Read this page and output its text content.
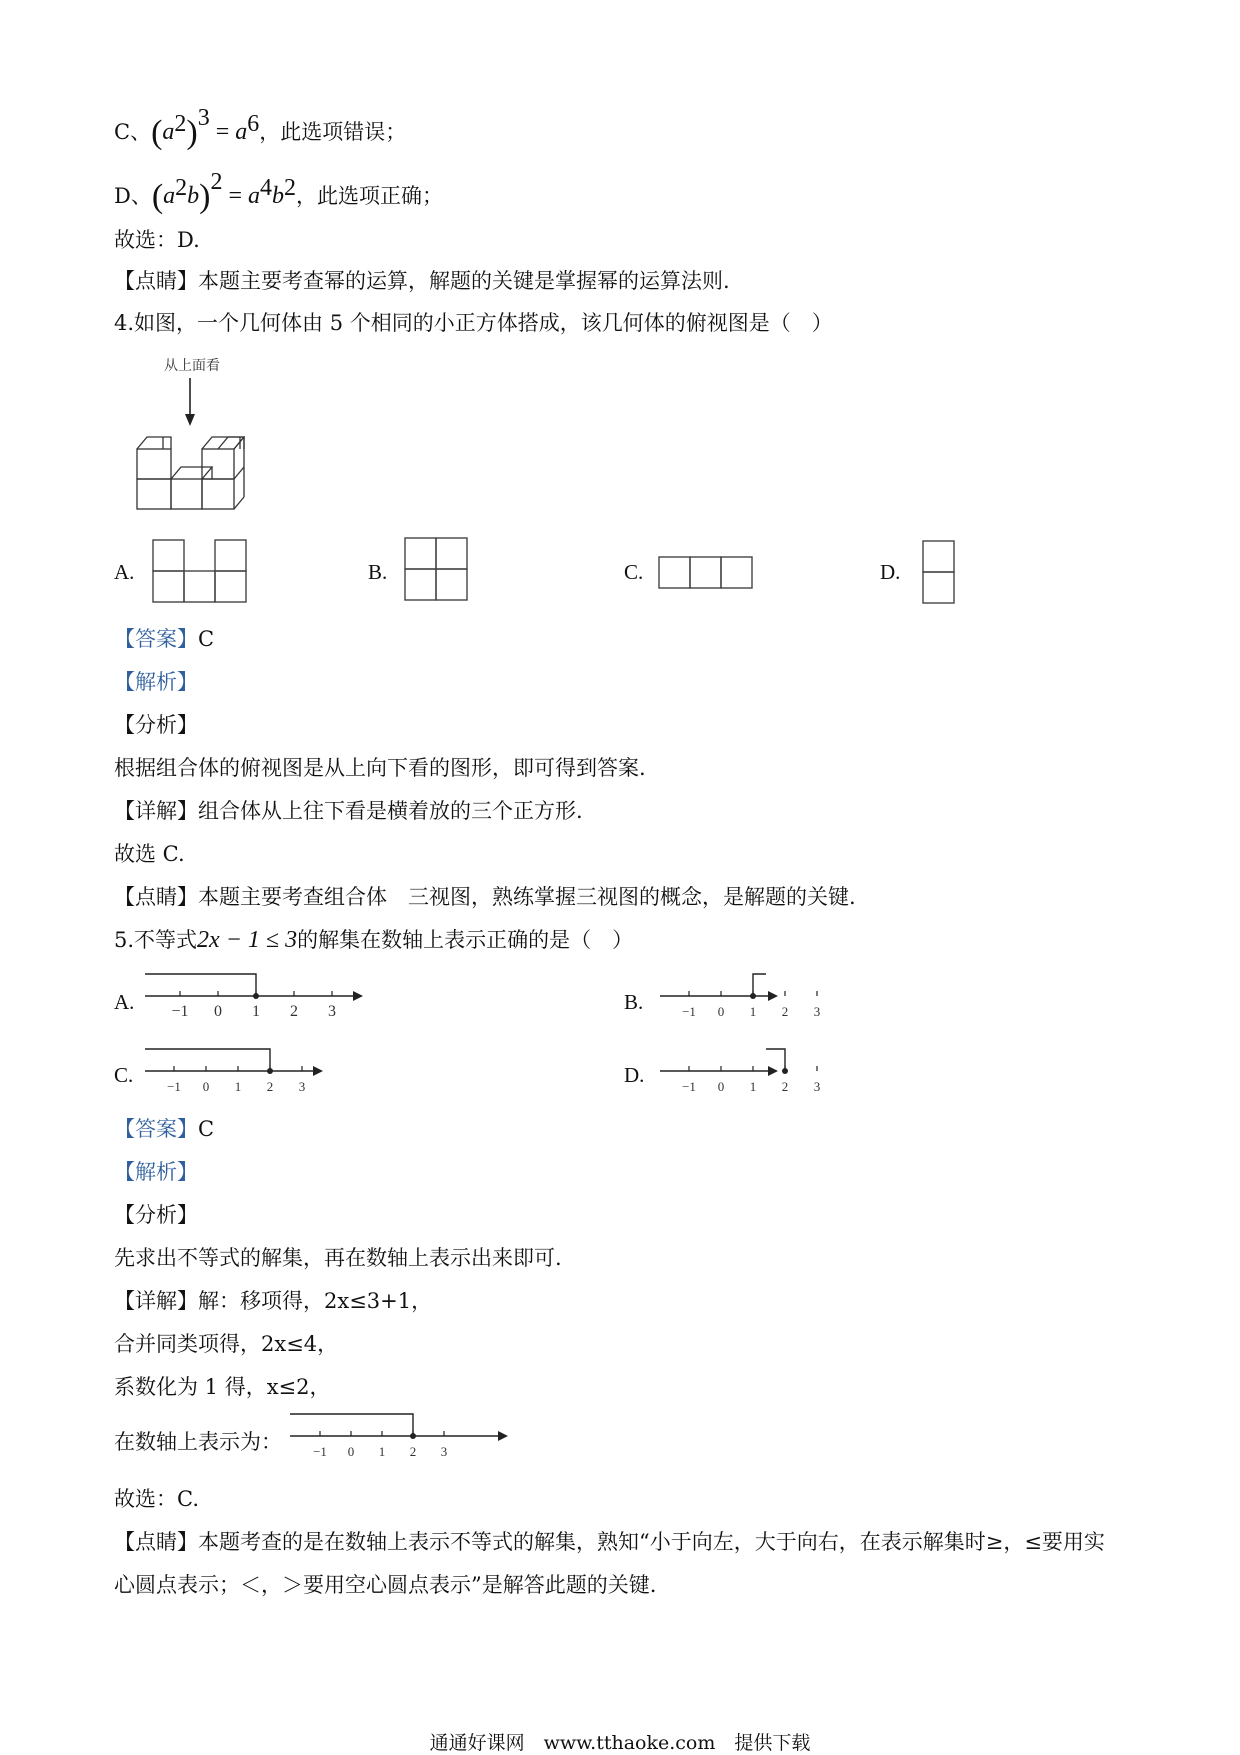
C、$(a^2)^3 = a^6$，此选项错误；
D、$(a^2b)^2 = a^4b^2$，此选项正确；
故选：D.
【点睛】本题主要考查幂的运算，解题的关键是掌握幂的运算法则.
4.如图，一个几何体由 5 个相同的小正方体搭成，该几何体的俯视图是（　）
从上面看
A.	B.	C.	D.
【答案】C
【解析】
【分析】
根据组合体的俯视图是从上向下看的图形，即可得到答案.
【详解】组合体从上往下看是横着放的三个正方形.
故选 C.
【点睛】本题主要考查组合体　三视图，熟练掌握三视图的概念，是解题的关键.
5.不等式2x − 1 ≤ 3的解集在数轴上表示正确的是（　）
A. −1 0 1 2 3	B.	−1 0 1 2 3
C.	−1 0 1 2 3	D.	−1 0 1 2 3
【答案】C
【解析】
【分析】
先求出不等式的解集，再在数轴上表示出来即可.
【详解】解：移项得，2x≤3+1，
合并同类项得，2x≤4，
系数化为 1 得，x≤2，
在数轴上表示为： −1 0 1 2 3
故选：C.
【点睛】本题考查的是在数轴上表示不等式的解集，熟知“小于向左，大于向右，在表示解集时≥，≤要用实
心圆点表示；＜，＞要用空心圆点表示”是解答此题的关键.
通通好课网　www.tthaoke.com　提供下载
